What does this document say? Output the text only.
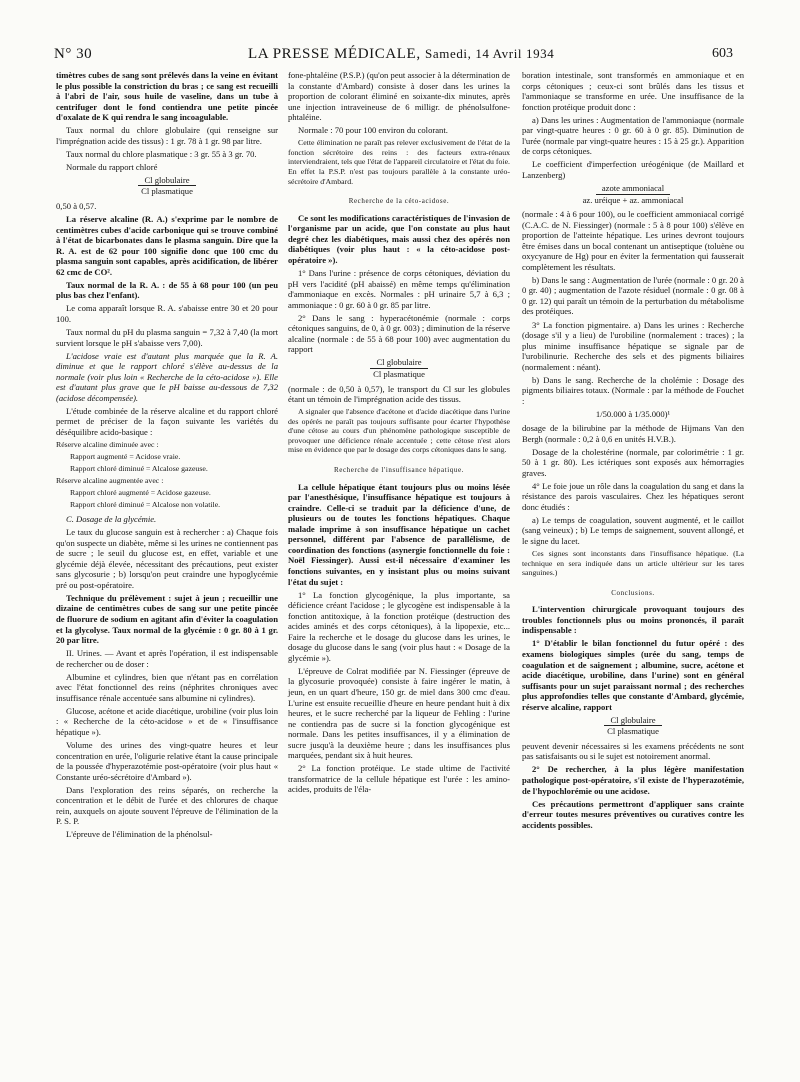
N° 30	LA PRESSE MÉDICALE, Samedi, 14 Avril 1934	603

timètres cubes de sang sont prélevés dans la veine en évitant le plus possible la constriction du bras ; ce sang est recueilli à l'abri de l'air, sous huile de vaseline, dans un tube à centrifuger dont le fond contiendra une petite pincée d'oxalate de K qui rendra le sang incoagulable.

Taux normal du chlore globulaire (qui renseigne sur l'imprégnation acide des tissus) : 1 gr. 78 à 1 gr. 98 par litre.

Taux normal du chlore plasmatique : 3 gr. 55 à 3 gr. 70.

Normale du rapport chloré

Cl globulaire
Cl plasmatique

0,50 à 0,57.

La réserve alcaline (R. A.) s'exprime par le nombre de centimètres cubes d'acide carbonique qui se trouve combiné à l'état de bicarbonates dans le plasma sanguin. Dire que la R. A. est de 62 pour 100 signifie donc que 100 cmc du plasma sanguin sont capables, après acidification, de libérer 62 cmc de CO².

Taux normal de la R. A. : de 55 à 68 pour 100 (un peu plus bas chez l'enfant).

Le coma apparaît lorsque R. A. s'abaisse entre 30 et 20 pour 100.

Taux normal du pH du plasma sanguin = 7,32 à 7,40 (la mort survient lorsque le pH s'abaisse vers 7,00).

L'acidose vraie est d'autant plus marquée que la R. A. diminue et que le rapport chloré s'élève au-dessus de la normale (voir plus loin « Recherche de la céto-acidose »). Elle est d'autant plus grave que le pH baisse au-dessous de 7,32 (acidose décompensée).

L'étude combinée de la réserve alcaline et du rapport chloré permet de préciser de la façon suivante les variétés du déséquilibre acido-basique :

Réserve alcaline diminuée avec :

Rapport augmenté = Acidose vraie.

Rapport chloré diminué = Alcalose gazeuse.

Réserve alcaline augmentée avec :

Rapport chloré augmenté = Acidose gazeuse.

Rapport chloré diminué = Alcalose non volatile.

C. Dosage de la glycémie.

Le taux du glucose sanguin est à rechercher : a) Chaque fois qu'on suspecte un diabète, même si les urines ne contiennent pas de sucre ; le seuil du glucose est, en effet, variable et une glycémie déjà élevée, nécessitant des précautions, peut exister sans glycosurie ; b) lorsqu'on peut craindre une hypoglycémie pré ou post-opératoire.

Technique du prélèvement : sujet à jeun ; recueillir une dizaine de centimètres cubes de sang sur une petite pincée de fluorure de sodium en agitant afin d'éviter la coagulation et la glycolyse. Taux normal de la glycémie : 0 gr. 80 à 1 gr. 20 par litre.

II. Urines. — Avant et après l'opération, il est indispensable de rechercher ou de doser :

Albumine et cylindres, bien que n'étant pas en corrélation avec l'état fonctionnel des reins (néphrites chroniques avec insuffisance rénale accentuée sans albumine ni cylindres).

Glucose, acétone et acide diacétique, urobiline (voir plus loin : « Recherche de la céto-acidose » et de « l'insuffisance hépatique »).

Volume des urines des vingt-quatre heures et leur concentration en urée, l'oligurie relative étant la cause principale de la poussée d'hyperazotémie post-opératoire (voir plus haut « Constante uréo-sécrétoire d'Ambard »).

Dans l'exploration des reins séparés, on recherche la concentration et le débit de l'urée et des chlorures de chaque rein, auxquels on ajoute souvent l'épreuve de l'élimination de la P. S. P.

L'épreuve de l'élimination de la phénolsul-

fone-phtaléine (P.S.P.) (qu'on peut associer à la détermination de la constante d'Ambard) consiste à doser dans les urines la proportion de colorant éliminé en soixante-dix minutes, après une injection intraveineuse de 6 milligr. de phénolsulfone-phtaléine.

Normale : 70 pour 100 environ du colorant.

Cette élimination ne paraît pas relever exclusivement de l'état de la fonction sécrétoire des reins : des facteurs extra-rénaux interviendraient, tels que l'état de l'appareil circulatoire et l'état du foie. En effet la P.S.P. n'est pas toujours parallèle à la constante uréo-sécrétoire d'Ambard.

Recherche de la céto-acidose.

Ce sont les modifications caractéristiques de l'invasion de l'organisme par un acide, que l'on constate au plus haut degré chez les diabétiques, mais aussi chez des opérés non diabétiques (voir plus haut : « la céto-acidose post-opératoire »).

1° Dans l'urine : présence de corps cétoniques, déviation du pH vers l'acidité (pH abaissé) en même temps qu'élimination d'ammoniaque en excès. Normales : pH urinaire 5,7 à 6,3 ; ammoniaque : 0 gr. 60 à 0 gr. 85 par litre.

2° Dans le sang : hyperacétonémie (normale : corps cétoniques sanguins, de 0, à 0 gr. 003) ; diminution de la réserve alcaline (normale : de 55 à 68 pour 100) avec augmentation du rapport

Cl globulaire
Cl plasmatique

(normale : de 0,50 à 0,57), le transport du Cl sur les globules étant un témoin de l'imprégnation acide des tissus.

A signaler que l'absence d'acétone et d'acide diacétique dans l'urine des opérés ne paraît pas toujours suffisante pour écarter l'hypothèse d'une cétose au cours d'un phénomène pathologique susceptible de provoquer une déficience rénale accentuée ; cette cétose n'est alors mise en évidence que par le dosage des corps cétoniques dans le sang.

Recherche de l'insuffisance hépatique.

La cellule hépatique étant toujours plus ou moins lésée par l'anesthésique, l'insuffisance hépatique est toujours à craindre. Celle-ci se traduit par la déficience d'une, de plusieurs ou de toutes les fonctions hépatiques. Chaque malade imprime à son insuffisance hépatique un cachet personnel, différent par l'absence de parallélisme, de coordination des fonctions (asynergie fonctionnelle du foie : Noël Fiessinger). Aussi est-il nécessaire d'examiner les fonctions suivantes, en y insistant plus ou moins suivant l'état du sujet :

1° La fonction glycogénique, la plus importante, sa déficience créant l'acidose ; le glycogène est indispensable à la fonction antitoxique, à la fonction protéique (destruction des acides aminés et des corps cétoniques), à la lipopexie, etc... Faire la recherche et le dosage du glucose dans les urines, le dosage du glucose dans le sang (voir plus haut : « Dosage de la glycémie »).

L'épreuve de Colrat modifiée par N. Fiessinger (épreuve de la glycosurie provoquée) consiste à faire ingérer le matin, à jeun, en un quart d'heure, 150 gr. de miel dans 300 cmc d'eau. L'urine est ensuite recueillie d'heure en heure pendant huit à dix heures, et le sucre recherché par la liqueur de Fehling : l'urine ne contiendra pas de sucre si la fonction glycogénique est normale. Dans les petites insuffisances, il y a élimination de sucre jusqu'à la deuxième heure ; dans les insuffisances plus marquées, pendant six à huit heures.

2° La fonction protéique. Le stade ultime de l'activité transformatrice de la cellule hépatique est l'urée : les amino-acides, produits de l'éla-

boration intestinale, sont transformés en ammoniaque et en corps cétoniques ; ceux-ci sont brûlés dans les tissus et l'ammoniaque se transforme en urée. Une insuffisance de la fonction protéique produit donc :

a) Dans les urines : Augmentation de l'ammoniaque (normale par vingt-quatre heures : 0 gr. 60 à 0 gr. 85). Diminution de l'urée (normale par vingt-quatre heures : 15 à 25 gr.). Apparition de corps cétoniques.

Le coefficient d'imperfection uréogénique (de Maillard et Lanzenberg)

azote ammoniacal
az. uréique + az. ammoniacal

(normale : 4 à 6 pour 100), ou le coefficient ammoniacal corrigé (C.A.C. de N. Fiessinger) (normale : 5 à 8 pour 100) s'élève en proportion de l'atteinte hépatique. Les urines devront toujours être émises dans un bocal contenant un antiseptique (toluène ou oxycyanure de Hg) pour en éviter la fermentation qui fausserait complètement les résultats.

b) Dans le sang : Augmentation de l'urée (normale : 0 gr. 20 à 0 gr. 40) ; augmentation de l'azote résiduel (normale : 0 gr. 08 à 0 gr. 12) qui paraît un témoin de la perturbation du métabolisme des protéiques.

3° La fonction pigmentaire. a) Dans les urines : Recherche (dosage s'il y a lieu) de l'urobiline (normalement : traces) ; la plus minime insuffisance hépatique se signale par de l'urobilinurie. Recherche des sels et des pigments biliaires (normalement : néant).

b) Dans le sang. Recherche de la cholémie : Dosage des pigments biliaires totaux. (Normale : par la méthode de Fouchet :

1/50.000 à 1/35.000)¹

dosage de la bilirubine par la méthode de Hijmans Van den Bergh (normale : 0,2 à 0,6 en unités H.V.B.).

Dosage de la cholestérine (normale, par colorimétrie : 1 gr. 50 à 1 gr. 80). Les ictériques sont exposés aux hémorragies graves.

4° Le foie joue un rôle dans la coagulation du sang et dans la résistance des parois vasculaires. Chez les hépatiques seront donc étudiés :

a) Le temps de coagulation, souvent augmenté, et le caillot (sang veineux) ; b) Le temps de saignement, souvent allongé, et le signe du lacet.

Ces signes sont inconstants dans l'insuffisance hépatique. (La technique en sera indiquée dans un article ultérieur sur les tares sanguines.)

Conclusions.

L'intervention chirurgicale provoquant toujours des troubles fonctionnels plus ou moins prononcés, il paraît indispensable :

1° D'établir le bilan fonctionnel du futur opéré : des examens biologiques simples (urée du sang, temps de coagulation et de saignement ; albumine, sucre, acétone et acide diacétique, urobiline, dans l'urine) sont en général suffisants pour un sujet paraissant normal ; des recherches plus approfondies telles que constante d'Ambard, glycémie, réserve alcaline, rapport

Cl globulaire
Cl plasmatique

peuvent devenir nécessaires si les examens précédents ne sont pas satisfaisants ou si le sujet est notoirement anormal.

2° De rechercher, à la plus légère manifestation pathologique post-opératoire, s'il existe de l'hyperazotémie, de l'hypochlorémie ou une acidose.

Ces précautions permettront d'appliquer sans crainte d'erreur toutes mesures préventives ou curatives contre les accidents possibles.
